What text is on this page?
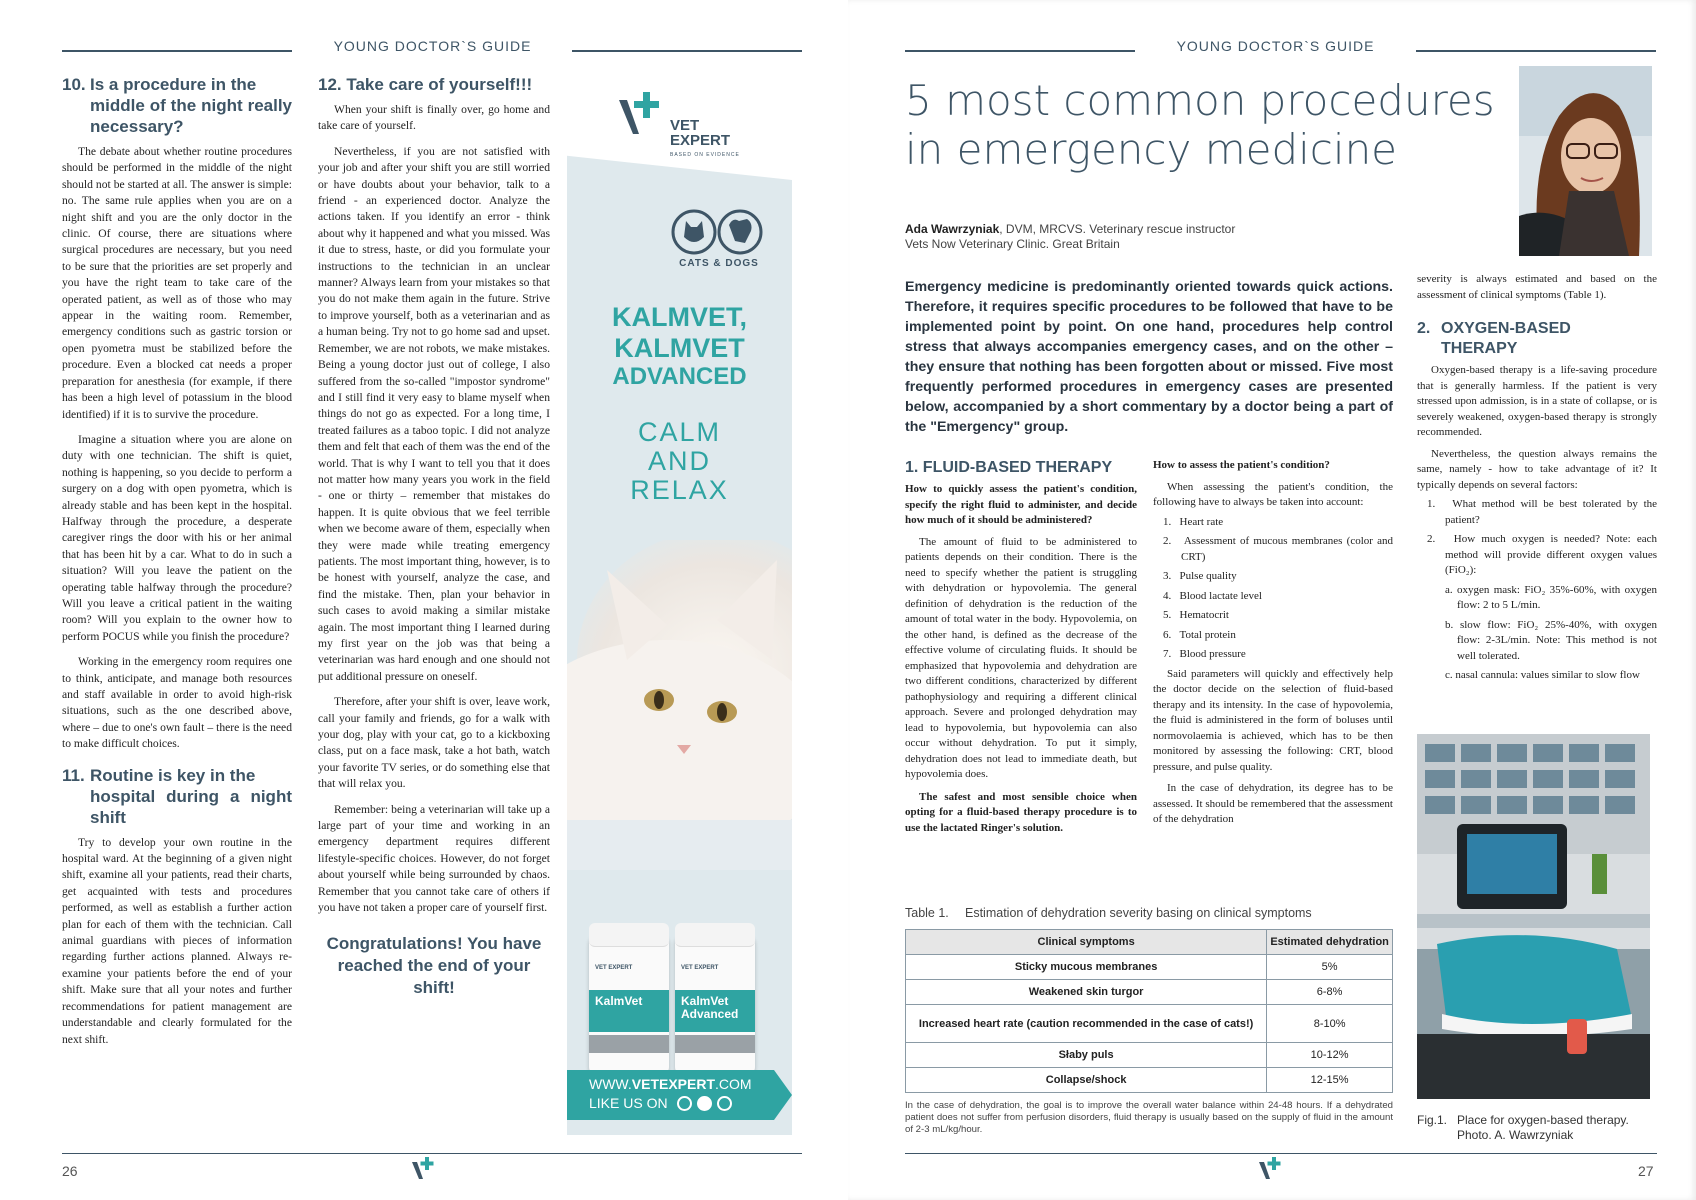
YOUNG DOCTOR`S GUIDE
10. Is a procedure in the
middle of the night really necessary?

The debate about whether routine procedures should be performed in the middle of the night should not be started at all. The answer is simple: no. The same rule applies when you are on a night shift and you are the only doctor in the clinic. Of course, there are situations where surgical procedures are necessary, but you need to be sure that the priorities are set properly and you have the right team to take care of the operated patient, as well as of those who may appear in the waiting room. Remember, emergency conditions such as gastric torsion or open pyometra must be stabilized before the procedure. Even a blocked cat needs a proper preparation for anesthesia (for example, if there has been a high level of potassium in the blood identified) if it is to survive the procedure.

Imagine a situation where you are alone on duty with one technician. The shift is quiet, nothing is happening, so you decide to perform a surgery on a dog with open pyometra, which is already stable and has been kept in the hospital. Halfway through the procedure, a desperate caregiver rings the door with his or her animal that has been hit by a car. What to do in such a situation? Will you leave the patient on the operating table halfway through the procedure? Will you leave a critical patient in the waiting room? Will you explain to the owner how to perform POCUS while you finish the procedure?

Working in the emergency room requires one to think, anticipate, and manage both resources and staff available in order to avoid high-risk situations, such as the one described above, where – due to one's own fault – there is the need to make difficult choices.

11. Routine is key in the
hospital during a night shift

Try to develop your own routine in the hospital ward. At the beginning of a given night shift, examine all your patients, read their charts, get acquainted with tests and procedures performed, as well as establish a further action plan for each of them with the technician. Call animal guardians with pieces of information regarding further actions planned. Always re-examine your patients before the end of your shift. Make sure that all your notes and further recommendations for patient management are understandable and clearly formulated for the next shift.

12. Take care of yourself!!!

When your shift is finally over, go home and take care of yourself.

Nevertheless, if you are not satisfied with your job and after your shift you are still worried or have doubts about your behavior, talk to a friend - an experienced doctor. Analyze the actions taken. If you identify an error - think about why it happened and what you missed. Was it due to stress, haste, or did you formulate your instructions to the technician in an unclear manner? Always learn from your mistakes so that you do not make them again in the future. Strive to improve yourself, both as a veterinarian and as a human being. Try not to go home sad and upset. Remember, we are not robots, we make mistakes. Being a young doctor just out of college, I also suffered from the so-called "impostor syndrome" and I still find it very easy to blame myself when things do not go as expected. For a long time, I treated failures as a taboo topic. I did not analyze them and felt that each of them was the end of the world. That is why I want to tell you that it does not matter how many years you work in the field - one or thirty – remember that mistakes do happen. It is quite obvious that we feel terrible when we become aware of them, especially when they were made while treating emergency patients. The most important thing, however, is to be honest with yourself, analyze the case, and find the mistake. Then, plan your behavior in such cases to avoid making a similar mistake again. The most important thing I learned during my first year on the job was that being a veterinarian was hard enough and one should not put additional pressure on oneself.

Therefore, after your shift is over, leave work, call your family and friends, go for a walk with your dog, play with your cat, go to a kickboxing class, put on a face mask, take a hot bath, watch your favorite TV series, or do something else that that will relax you.

Remember: being a veterinarian will take up a large part of your time and working in an emergency department requires different lifestyle-specific choices. However, do not forget about yourself while being surrounded by chaos. Remember that you cannot take care of others if you have not taken a proper care of yourself first.

Congratulations! You have reached the end of your shift!
VET
EXPERT
BASED ON EVIDENCE
CATS & DOGS
KALMVET,
KALMVET
ADVANCED
CALM
AND
RELAX
VET EXPERT
KalmVet
VET EXPERT
KalmVet
Advanced
WWW.VETEXPERT.COM
LIKE US ON
26
YOUNG DOCTOR`S GUIDE
5 most common procedures
in emergency medicine
Ada Wawrzyniak, DVM, MRCVS. Veterinary rescue instructor
Vets Now Veterinary Clinic. Great Britain
Emergency medicine is predominantly oriented towards quick actions. Therefore, it requires specific procedures to be followed that have to be implemented point by point. On one hand, procedures help control stress that always accompanies emergency cases, and on the other – they ensure that nothing has been forgotten about or missed. Five most frequently performed procedures in emergency cases are presented below, accompanied by a short commentary by a doctor being a part of the "Emergency" group.
1. FLUID-BASED THERAPY

How to quickly assess the patient's condition, specify the right fluid to administer, and decide how much of it should be administered?

The amount of fluid to be administered to patients depends on their condition. There is the need to specify whether the patient is struggling with dehydration or hypovolemia. The general definition of dehydration is the reduction of the amount of total water in the body. Hypovolemia, on the other hand, is defined as the decrease of the effective volume of circulating fluids. It should be emphasized that hypovolemia and dehydration are two different conditions, characterized by different pathophysiology and requiring a different clinical approach. Severe and prolonged dehydration may lead to hypovolemia, but hypovolemia can also occur without dehydration. To put it simply, dehydration does not lead to immediate death, but hypovolemia does.

The safest and most sensible choice when opting for a fluid-based therapy procedure is to use the lactated Ringer's solution.

How to assess the patient's condition?

When assessing the patient's condition, the following have to always be taken into account:

1.   Heart rate
2.   Assessment of mucous membranes (color and CRT)
3.   Pulse quality
4.   Blood lactate level
5.   Hematocrit
6.   Total protein
7.   Blood pressure

Said parameters will quickly and effectively help the doctor decide on the selection of fluid-based therapy and its intensity. In the case of hypovolemia, the fluid is administered in the form of boluses until normovolaemia is achieved, which has to be then monitored by assessing the following: CRT, blood pressure, and pulse quality.

In the case of dehydration, its degree has to be assessed. It should be remembered that the assessment of the dehydration

severity is always estimated and based on the assessment of clinical symptoms (Table 1).

2. OXYGEN-BASED
THERAPY

Oxygen-based therapy is a life-saving procedure that is generally harmless. If the patient is very stressed upon admission, is in a state of collapse, or is severely weakened, oxygen-based therapy is strongly recommended.

Nevertheless, the question always remains the same, namely - how to take advantage of it? It typically depends on several factors:

1.   What method will be best tolerated by the patient?
2.   How much oxygen is needed? Note: each method will provide different oxygen values (FiO₂):
a. oxygen mask: FiO₂ 35%-60%, with oxygen flow: 2 to 5 L/min.
b. slow flow: FiO₂ 25%-40%, with oxygen flow: 2-3L/min. Note: This method is not well tolerated.
c. nasal cannula: values similar to slow flow
Table 1. Estimation of dehydration severity basing on clinical symptoms
Clinical symptoms	Estimated dehydration
Sticky mucous membranes	5%
Weakened skin turgor	6-8%
Increased heart rate (caution recommended in the case of cats!)	8-10%
Słaby puls	10-12%
Collapse/shock	12-15%
In the case of dehydration, the goal is to improve the overall water balance within 24-48 hours. If a dehydrated patient does not suffer from perfusion disorders, fluid therapy is usually based on the supply of fluid in the amount of 2-3 mL/kg/hour.
Fig.1. Place for oxygen-based therapy. Photo. A. Wawrzyniak
27
